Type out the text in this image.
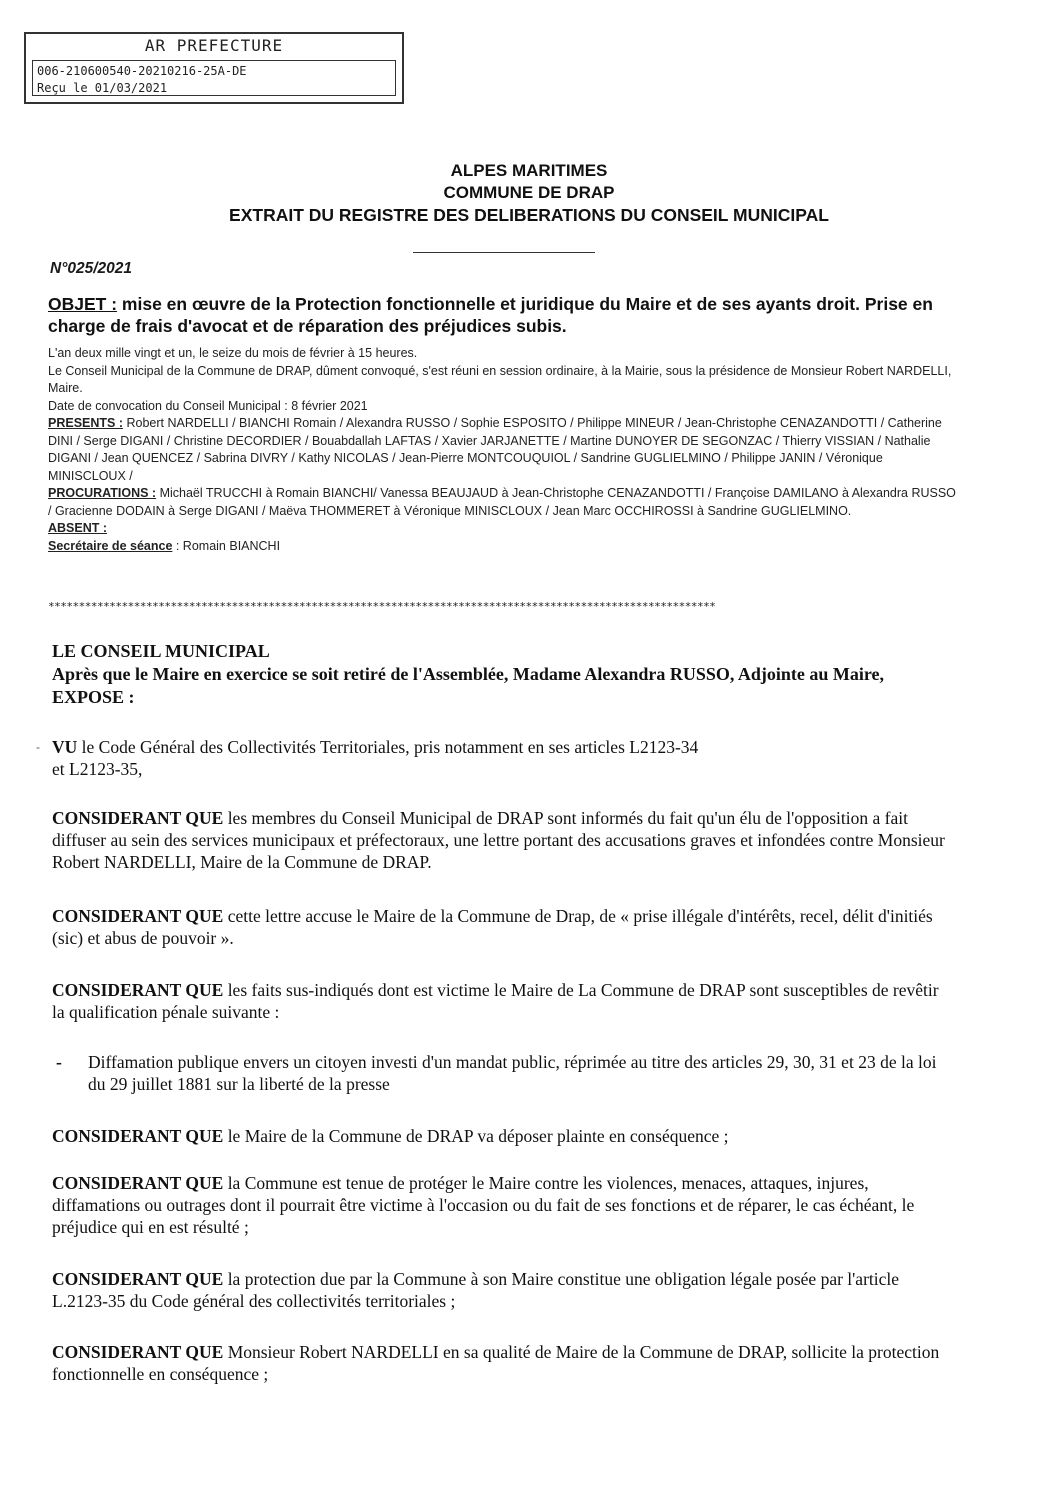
AR PREFECTURE
006-210600540-20210216-25A-DE
Reçu le 01/03/2021
ALPES MARITIMES
COMMUNE DE DRAP
EXTRAIT DU REGISTRE DES DELIBERATIONS DU CONSEIL MUNICIPAL
N°025/2021
OBJET : mise en œuvre de la Protection fonctionnelle et juridique du Maire et de ses ayants droit. Prise en charge de frais d'avocat et de réparation des préjudices subis.
L'an deux mille vingt et un, le seize du mois de février à 15 heures.
Le Conseil Municipal de la Commune de DRAP, dûment convoqué, s'est réuni en session ordinaire, à la Mairie, sous la présidence de Monsieur Robert NARDELLI, Maire.
Date de convocation du Conseil Municipal : 8 février 2021
PRESENTS : Robert NARDELLI / BIANCHI Romain / Alexandra RUSSO / Sophie ESPOSITO / Philippe MINEUR / Jean-Christophe CENAZANDOTTI / Catherine DINI / Serge DIGANI / Christine DECORDIER / Bouabdallah LAFTAS / Xavier JARJANETTE / Martine DUNOYER DE SEGONZAC / Thierry VISSIAN / Nathalie DIGANI / Jean QUENCEZ / Sabrina DIVRY / Kathy NICOLAS / Jean-Pierre MONTCOUQUIOL / Sandrine GUGLIELMINO / Philippe JANIN / Véronique MINISCLOUX /
PROCURATIONS : Michaël TRUCCHI à Romain BIANCHI/ Vanessa BEAUJAUD à Jean-Christophe CENAZANDOTTI / Françoise DAMILANO à Alexandra RUSSO / Gracienne DODAIN à Serge DIGANI / Maëva THOMMERET à Véronique MINISCLOUX / Jean Marc OCCHIROSSI à Sandrine GUGLIELMINO.
ABSENT :
Secrétaire de séance : Romain BIANCHI
*************************************************************************************************************
LE CONSEIL MUNICIPAL
Après que le Maire en exercice se soit retiré de l'Assemblée, Madame Alexandra RUSSO, Adjointe au Maire, EXPOSE :
- VU le Code Général des Collectivités Territoriales, pris notamment en ses articles L2123-34
et L2123-35,
CONSIDERANT QUE les membres du Conseil Municipal de DRAP sont informés du fait qu'un élu de l'opposition a fait diffuser au sein des services municipaux et préfectoraux, une lettre portant des accusations graves et infondées contre Monsieur Robert NARDELLI, Maire de la Commune de DRAP.
CONSIDERANT QUE cette lettre accuse le Maire de la Commune de Drap, de « prise illégale d'intérêts, recel, délit d'initiés (sic) et abus de pouvoir ».
CONSIDERANT QUE les faits sus-indiqués dont est victime le Maire de La Commune de DRAP sont susceptibles de revêtir la qualification pénale suivante :
- Diffamation publique envers un citoyen investi d'un mandat public, réprimée au titre des articles 29, 30, 31 et 23 de la loi du 29 juillet 1881 sur la liberté de la presse
CONSIDERANT QUE le Maire de la Commune de DRAP va déposer plainte en conséquence ;
CONSIDERANT QUE la Commune est tenue de protéger le Maire contre les violences, menaces, attaques, injures, diffamations ou outrages dont il pourrait être victime à l'occasion ou du fait de ses fonctions et de réparer, le cas échéant, le préjudice qui en est résulté ;
CONSIDERANT QUE la protection due par la Commune à son Maire constitue une obligation légale posée par l'article L.2123-35 du Code général des collectivités territoriales ;
CONSIDERANT QUE Monsieur Robert NARDELLI en sa qualité de Maire de la Commune de DRAP, sollicite la protection fonctionnelle en conséquence ;
